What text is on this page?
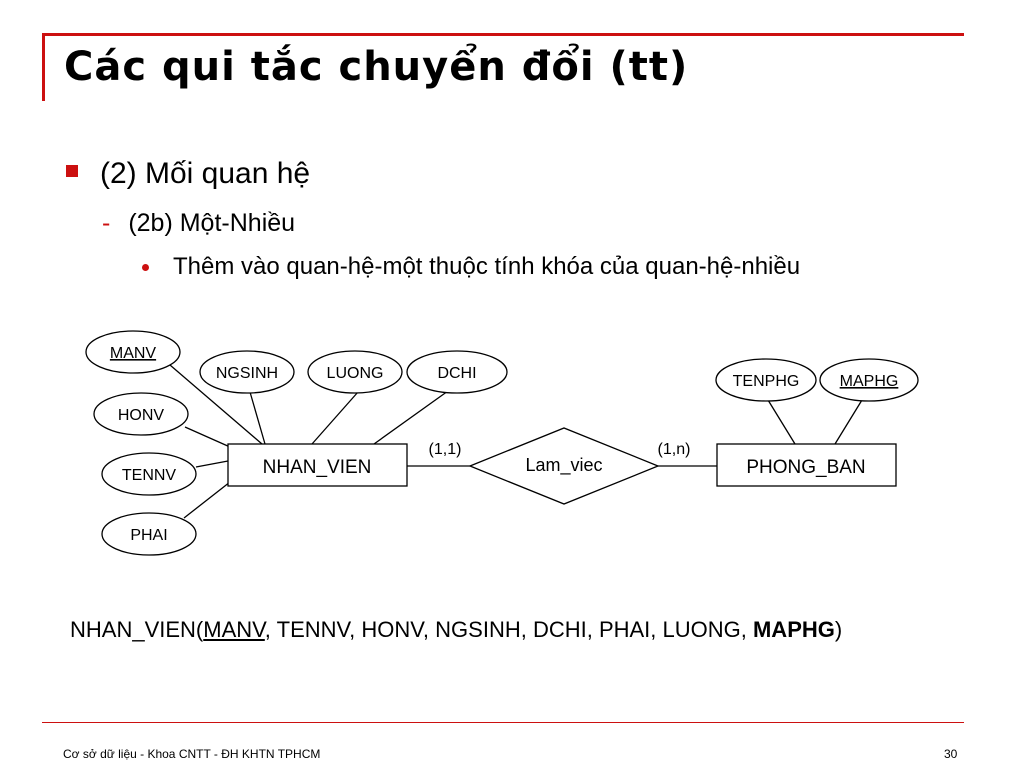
Các qui tắc chuyển đổi (tt)
(2) Mối quan hệ
- (2b) Một-Nhiều
Thêm vào quan-hệ-một thuộc tính khóa của quan-hệ-nhiều
MANV
HONV
TENNV
PHAI
NGSINH	LUONG	DCHI	TENPHG	MAPHG
NHAN_VIEN	PHONG_BAN
Lam_viec
(1,1)	(1,n)
NHAN_VIEN(MANV, TENNV, HONV, NGSINH, DCHI, PHAI, LUONG, MAPHG)
Cơ sở dữ liệu - Khoa CNTT - ĐH KHTN TPHCM	30
